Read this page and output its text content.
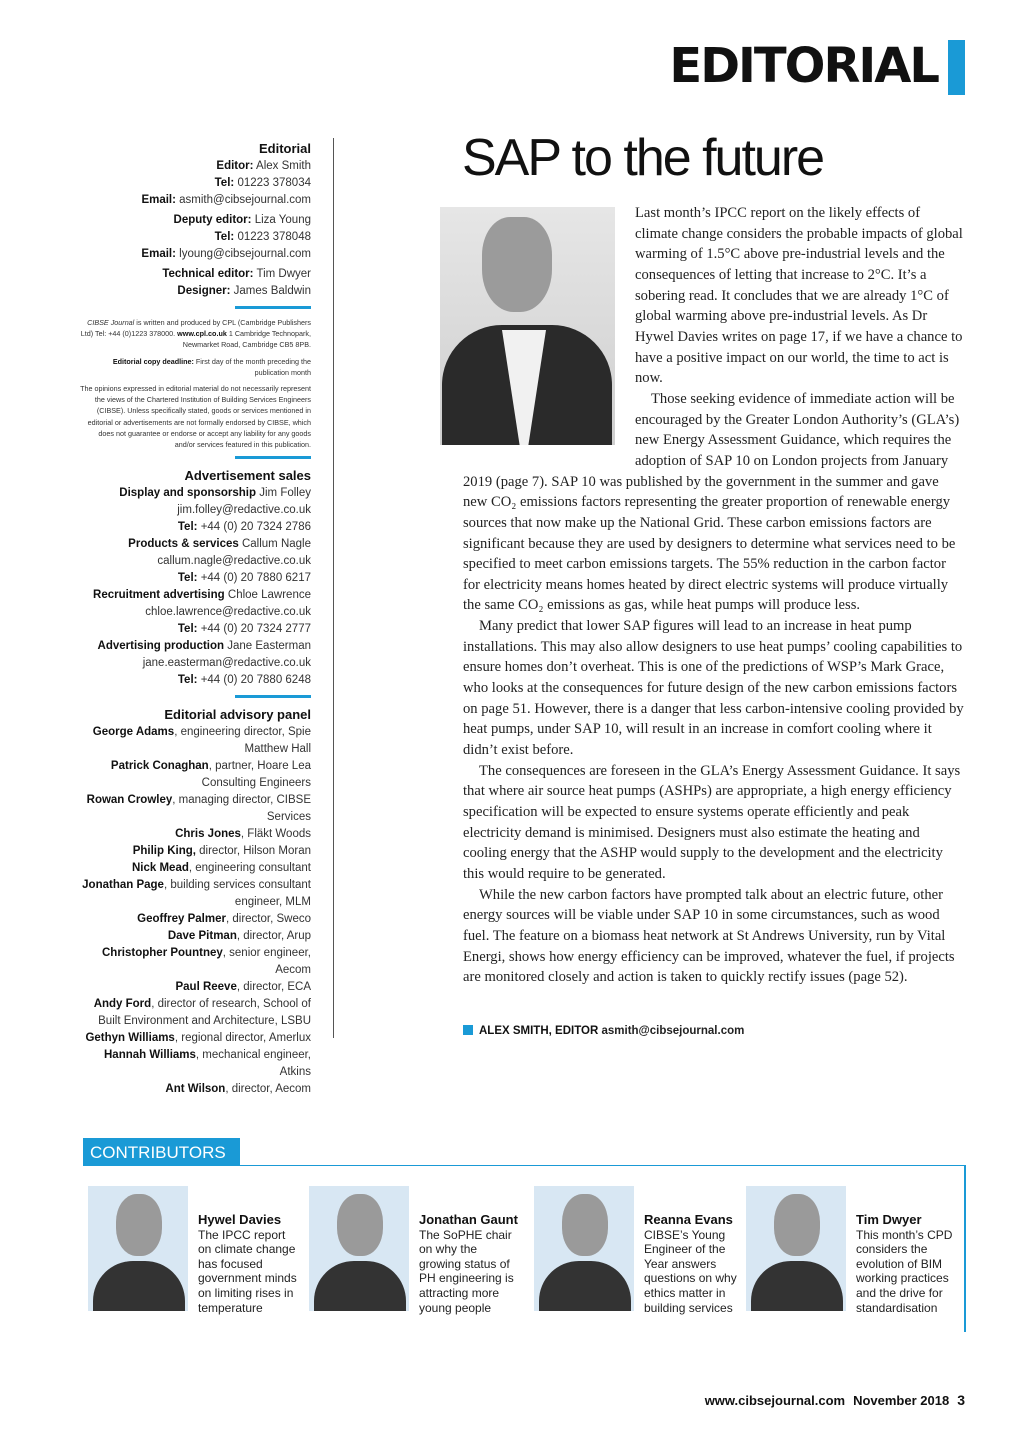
EDITORIAL
Editorial
Editor: Alex Smith
Tel: 01223 378034
Email: asmith@cibsejournal.com
Deputy editor: Liza Young
Tel: 01223 378048
Email: lyoung@cibsejournal.com
Technical editor: Tim Dwyer
Designer: James Baldwin
CIBSE Journal is written and produced by CPL (Cambridge Publishers Ltd) Tel: +44 (0)1223 378000. www.cpl.co.uk 1 Cambridge Technopark, Newmarket Road, Cambridge CB5 8PB.
Editorial copy deadline: First day of the month preceding the publication month
The opinions expressed in editorial material do not necessarily represent the views of the Chartered Institution of Building Services Engineers (CIBSE). Unless specifically stated, goods or services mentioned in editorial or advertisements are not formally endorsed by CIBSE, which does not guarantee or endorse or accept any liability for any goods and/or services featured in this publication.
Advertisement sales
Display and sponsorship Jim Folley
jim.folley@redactive.co.uk
Tel: +44 (0) 20 7324 2786
Products & services Callum Nagle
callum.nagle@redactive.co.uk
Tel: +44 (0) 20 7880 6217
Recruitment advertising Chloe Lawrence
chloe.lawrence@redactive.co.uk
Tel: +44 (0) 20 7324 2777
Advertising production Jane Easterman
jane.easterman@redactive.co.uk
Tel: +44 (0) 20 7880 6248
Editorial advisory panel
George Adams, engineering director, Spie Matthew Hall
Patrick Conaghan, partner, Hoare Lea Consulting Engineers
Rowan Crowley, managing director, CIBSE Services
Chris Jones, Fläkt Woods
Philip King, director, Hilson Moran
Nick Mead, engineering consultant
Jonathan Page, building services consultant engineer, MLM
Geoffrey Palmer, director, Sweco
Dave Pitman, director, Arup
Christopher Pountney, senior engineer, Aecom
Paul Reeve, director, ECA
Andy Ford, director of research, School of Built Environment and Architecture, LSBU
Gethyn Williams, regional director, Amerlux
Hannah Williams, mechanical engineer, Atkins
Ant Wilson, director, Aecom
SAP to the future

Last month’s IPCC report on the likely effects of climate change considers the probable impacts of global warming of 1.5°C above pre-industrial levels and the consequences of letting that increase to 2°C. It’s a sobering read. It concludes that we are already 1°C of global warming above pre-industrial levels. As Dr Hywel Davies writes on page 17, if we have a chance to have a positive impact on our world, the time to act is now.

Those seeking evidence of immediate action will be encouraged by the Greater London Authority’s (GLA’s) new Energy Assessment Guidance, which requires the adoption of SAP 10 on London projects from January 2019 (page 7). SAP 10 was published by the government in the summer and gave new CO₂ emissions factors representing the greater proportion of renewable energy sources that now make up the National Grid. These carbon emissions factors are significant because they are used by designers to determine what services need to be specified to meet carbon emissions targets. The 55% reduction in the carbon factor for electricity means homes heated by direct electric systems will produce virtually the same CO₂ emissions as gas, while heat pumps will produce less.

Many predict that lower SAP figures will lead to an increase in heat pump installations. This may also allow designers to use heat pumps’ cooling capabilities to ensure homes don’t overheat. This is one of the predictions of WSP’s Mark Grace, who looks at the consequences for future design of the new carbon emissions factors on page 51. However, there is a danger that less carbon-intensive cooling provided by heat pumps, under SAP 10, will result in an increase in comfort cooling where it didn’t exist before.

The consequences are foreseen in the GLA’s Energy Assessment Guidance. It says that where air source heat pumps (ASHPs) are appropriate, a high energy efficiency specification will be expected to ensure systems operate efficiently and peak electricity demand is minimised. Designers must also estimate the heating and cooling energy that the ASHP would supply to the development and the electricity this would require to be generated.

While the new carbon factors have prompted talk about an electric future, other energy sources will be viable under SAP 10 in some circumstances, such as wood fuel. The feature on a biomass heat network at St Andrews University, run by Vital Energi, shows how energy efficiency can be improved, whatever the fuel, if projects are monitored closely and action is taken to quickly rectify issues (page 52).

ALEX SMITH, EDITOR asmith@cibsejournal.com
CONTRIBUTORS
Hywel Davies
The IPCC report on climate change has focused government minds on limiting rises in temperature
Jonathan Gaunt
The SoPHE chair on why the growing status of PH engineering is attracting more young people
Reanna Evans
CIBSE’s Young Engineer of the Year answers questions on why ethics matter in building services
Tim Dwyer
This month’s CPD considers the evolution of BIM working practices and the drive for standardisation
www.cibsejournal.com November 2018 3
